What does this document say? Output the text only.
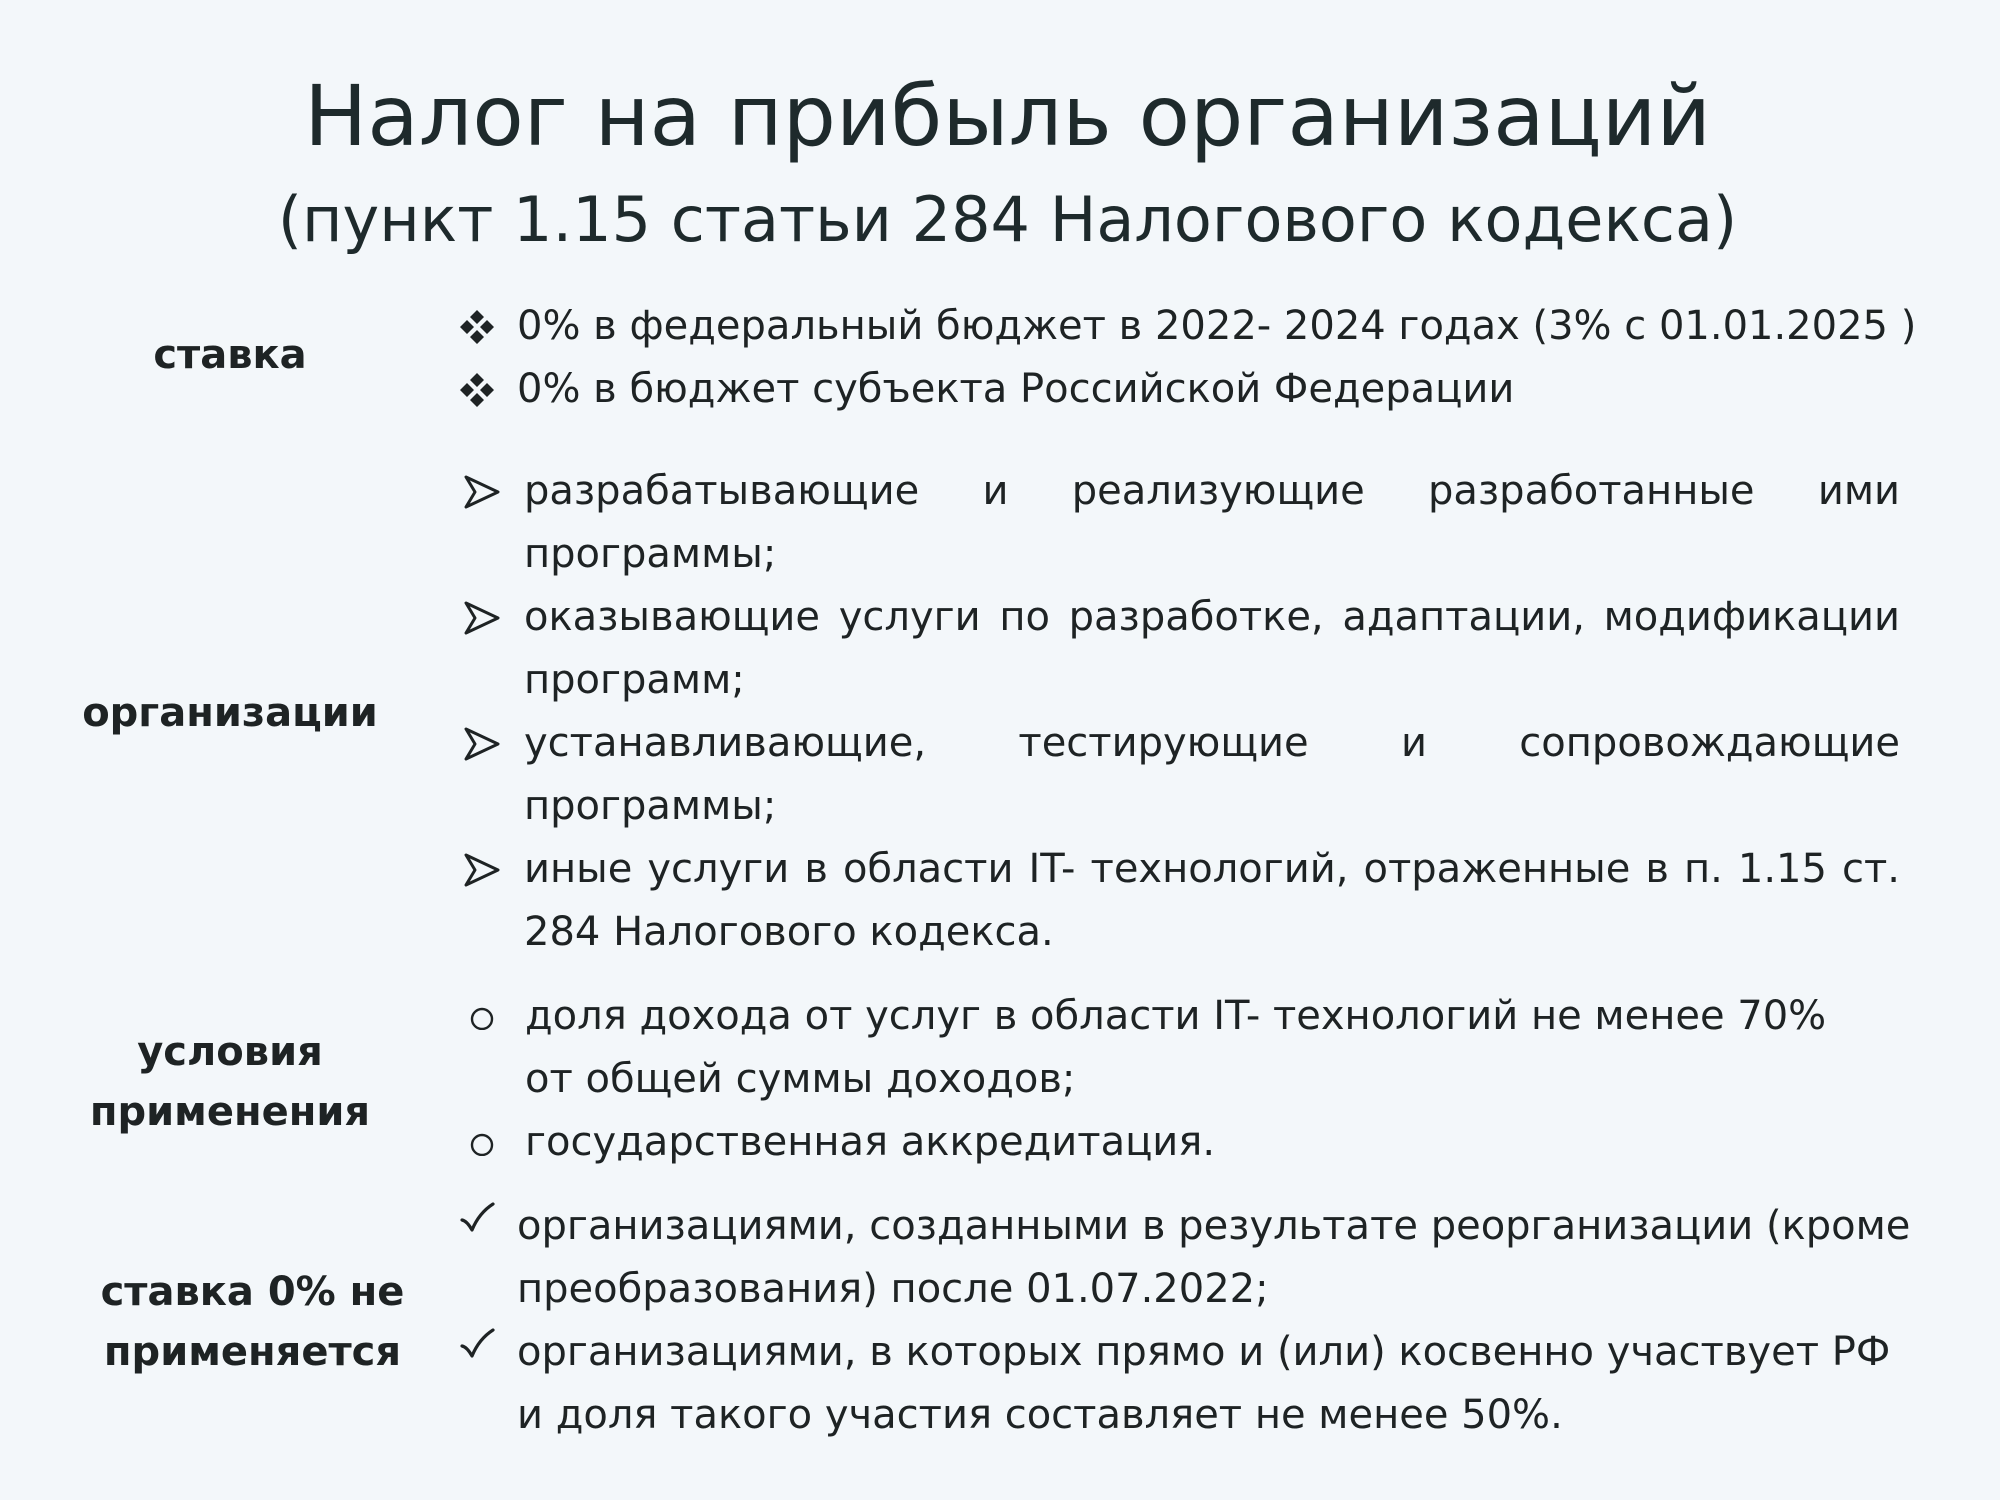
Налог на прибыль организаций
(пункт 1.15 статьи 284 Налогового кодекса)
ставка
0% в федеральный бюджет в 2022- 2024 годах (3% с 01.01.2025 )
0% в бюджет субъекта Российской Федерации
организации
разрабатывающие и реализующие разработанные ими программы;
оказывающие услуги по разработке, адаптации, модификации программ;
устанавливающие, тестирующие и сопровождающие программы;
иные услуги в области IT- технологий, отраженные в п. 1.15 ст. 284 Налогового кодекса.
условия
применения
доля дохода от услуг в области IT- технологий не менее 70% от общей суммы доходов;
государственная аккредитация.
ставка 0% не
применяется
организациями, созданными в результате реорганизации (кроме преобразования) после 01.07.2022;
организациями, в которых прямо и (или) косвенно участвует РФ и доля такого участия составляет не менее 50%.
